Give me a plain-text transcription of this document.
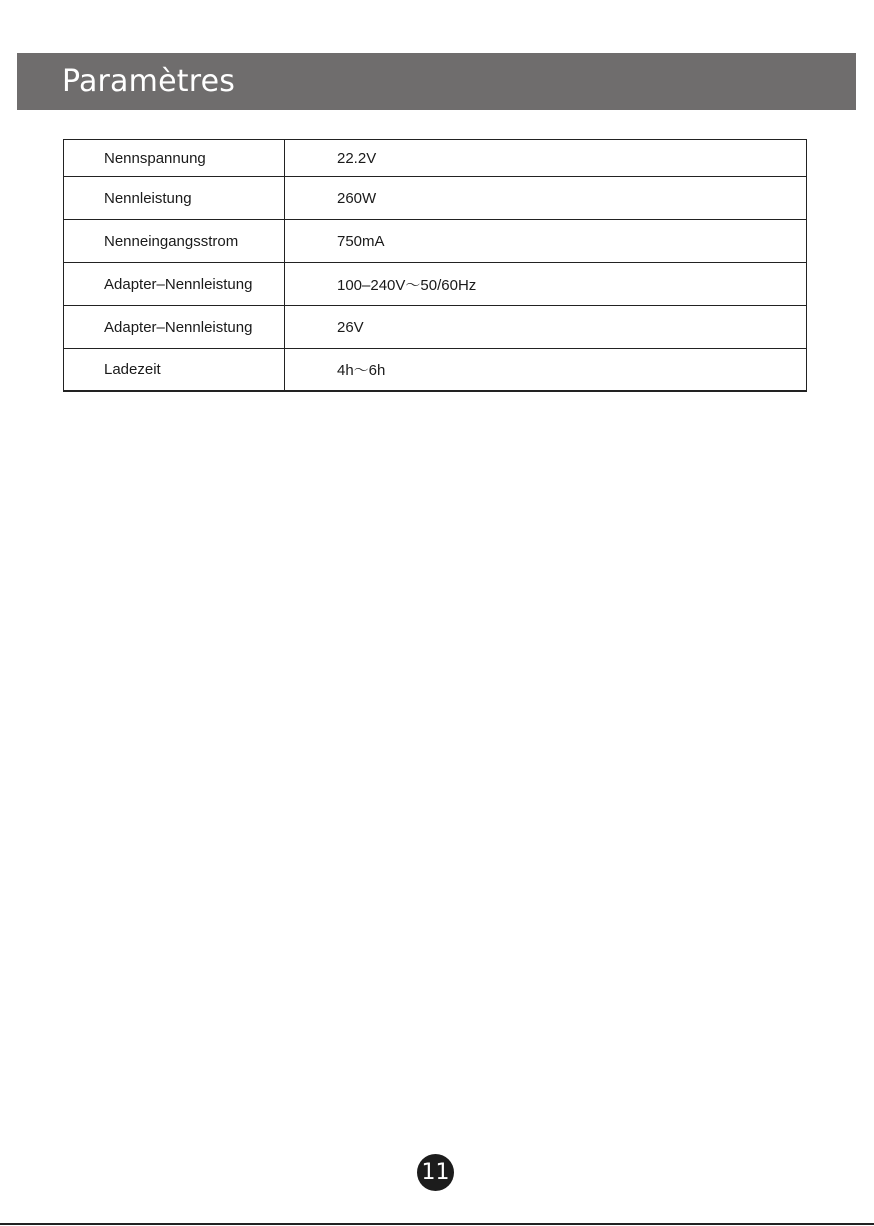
Paramètres
Nennspannung	22.2V
Nennleistung	260W
Nenneingangsstrom	750mA
Adapter–Nennleistung	100–240V～50/60Hz
Adapter–Nennleistung	26V
Ladezeit	4h～6h
11
